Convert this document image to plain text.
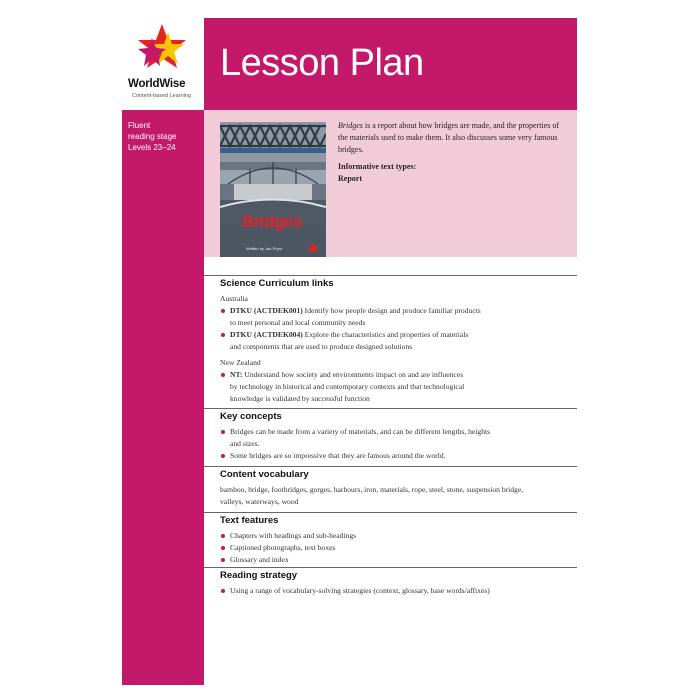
WorldWise
Content-based Learning
Lesson Plan
Fluent
reading stage
Levels 23–24
Bridges
Written by Jan Pryor

Bridges is a report about how bridges are made, and the properties of the materials used to make them. It also discusses some very famous bridges.

Informative text types:

Report

Science Curriculum links
Australia
DTKU (ACTDEK001) Identify how people design and produce familiar products
to meet personal and local community needs
DTKU (ACTDEK004) Explore the characteristics and properties of materials
and components that are used to produce designed solutions
New Zealand
NT: Understand how society and environments impact on and are influences
by technology in historical and contemporary contexts and that technological
knowledge is validated by successful function
Key concepts
Bridges can be made from a variety of materials, and can be different lengths, heights
and sizes.
Some bridges are so impressive that they are famous around the world.
Content vocabulary
bamboo, bridge, footbridges, gorges, harbours, iron, materials, rope, steel, stone, suspension bridge,
valleys, waterways, wood
Text features
Chapters with headings and sub-headings
Captioned photographs, text boxes
Glossary and index
Reading strategy
Using a range of vocabulary-solving strategies (context, glossary, base words/affixes)
